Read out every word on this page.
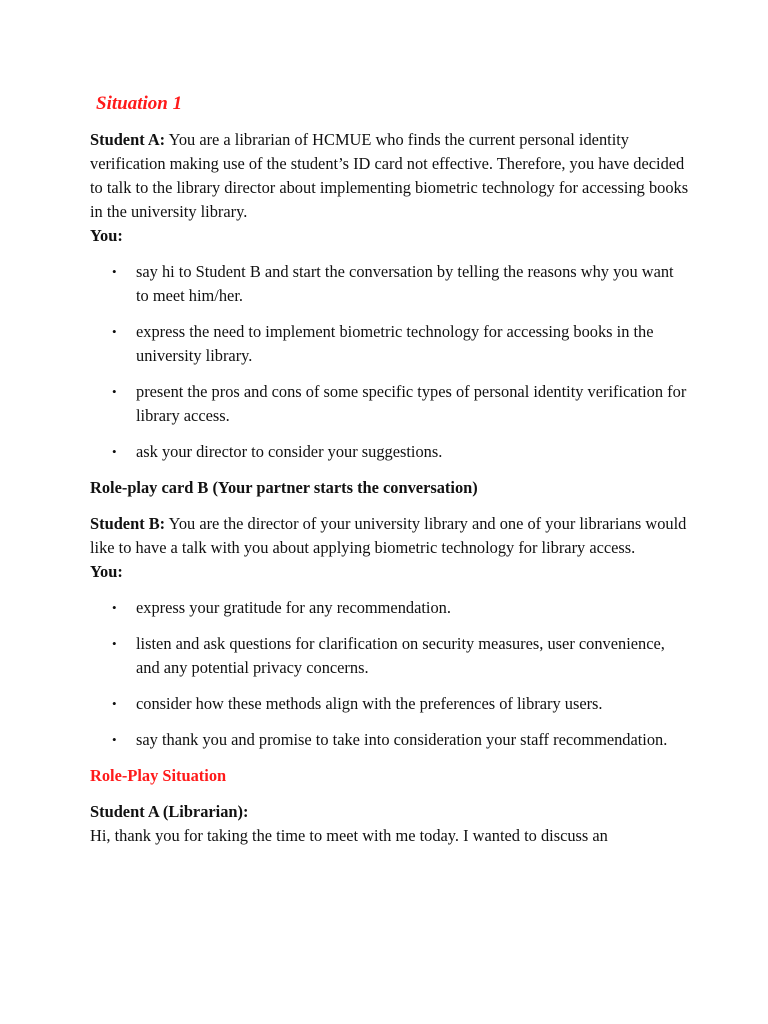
Situation 1

Student A: You are a librarian of HCMUE who finds the current personal identity verification making use of the student’s ID card not effective. Therefore, you have decided to talk to the library director about implementing biometric technology for accessing books in the university library.

You:

• say hi to Student B and start the conversation by telling the reasons why you want to meet him/her.
• express the need to implement biometric technology for accessing books in the university library.
• present the pros and cons of some specific types of personal identity verification for library access.
• ask your director to consider your suggestions.

Role-play card B (Your partner starts the conversation)

Student B: You are the director of your university library and one of your librarians would like to have a talk with you about applying biometric technology for library access.

You:

• express your gratitude for any recommendation.
• listen and ask questions for clarification on security measures, user convenience, and any potential privacy concerns.
• consider how these methods align with the preferences of library users.
• say thank you and promise to take into consideration your staff recommendation.

Role-Play Situation

Student A (Librarian):

Hi, thank you for taking the time to meet with me today. I wanted to discuss an
